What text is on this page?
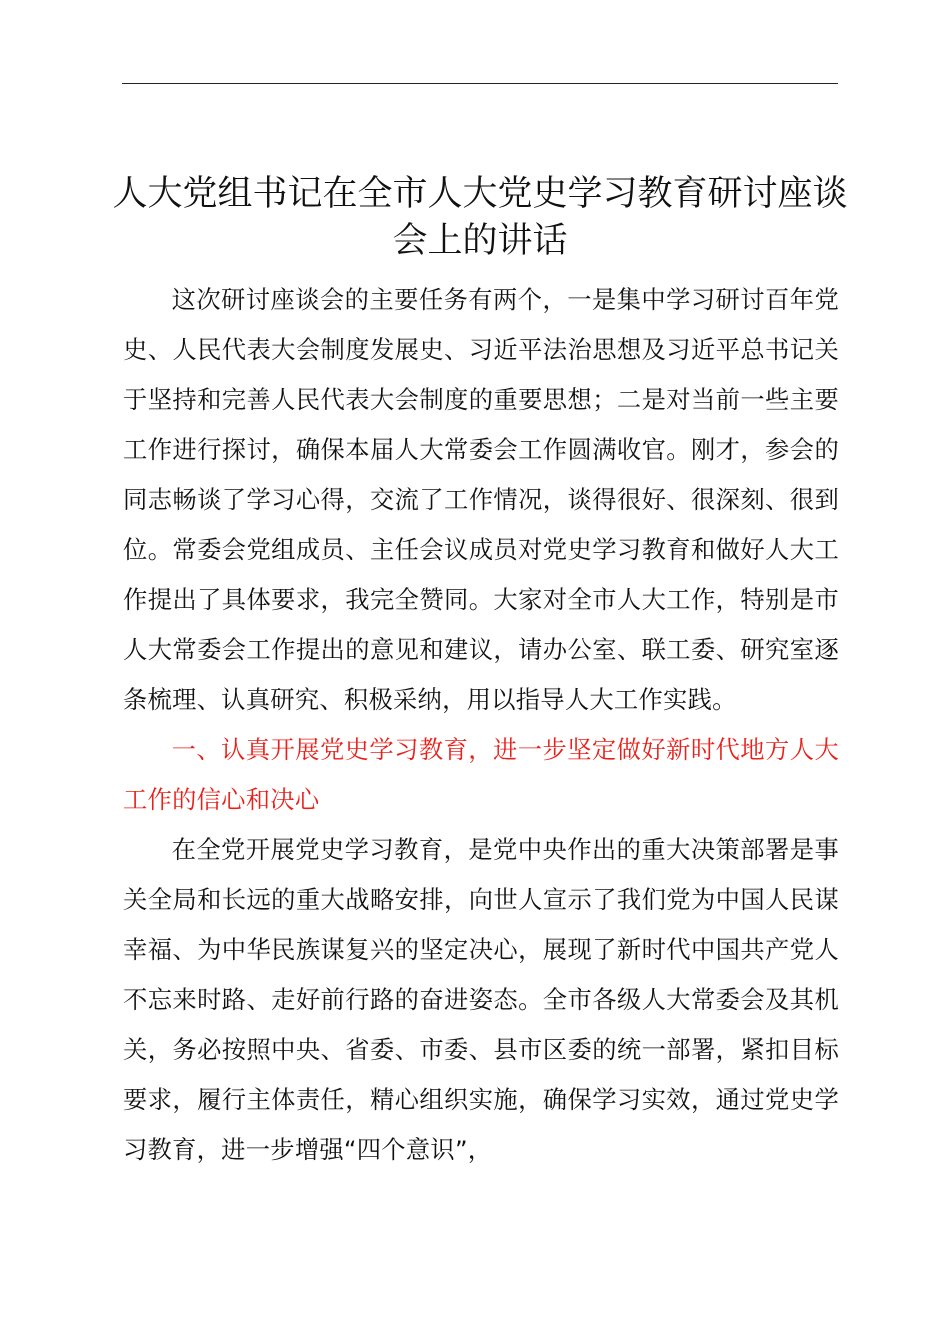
人大党组书记在全市人大党史学习教育研讨座谈会上的讲话

这次研讨座谈会的主要任务有两个，一是集中学习研讨百年党史、人民代表大会制度发展史、习近平法治思想及习近平总书记关于坚持和完善人民代表大会制度的重要思想；二是对当前一些主要工作进行探讨，确保本届人大常委会工作圆满收官。刚才，参会的同志畅谈了学习心得，交流了工作情况，谈得很好、很深刻、很到位。常委会党组成员、主任会议成员对党史学习教育和做好人大工作提出了具体要求，我完全赞同。大家对全市人大工作，特别是市人大常委会工作提出的意见和建议，请办公室、联工委、研究室逐条梳理、认真研究、积极采纳，用以指导人大工作实践。

一、认真开展党史学习教育，进一步坚定做好新时代地方人大工作的信心和决心

在全党开展党史学习教育，是党中央作出的重大决策部署是事关全局和长远的重大战略安排，向世人宣示了我们党为中国人民谋幸福、为中华民族谋复兴的坚定决心，展现了新时代中国共产党人不忘来时路、走好前行路的奋进姿态。全市各级人大常委会及其机关，务必按照中央、省委、市委、县市区委的统一部署，紧扣目标要求，履行主体责任，精心组织实施，确保学习实效，通过党史学习教育，进一步增强“四个意识”，
